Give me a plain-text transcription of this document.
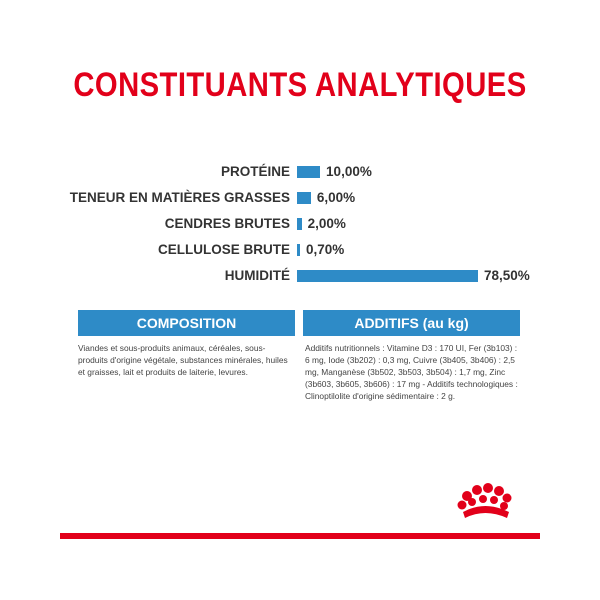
CONSTITUANTS ANALYTIQUES
PROTÉINE	10,00%
TENEUR EN MATIÈRES GRASSES 6,00%
CENDRES BRUTES 2,00%
CELLULOSE BRUTE 0,70%
HUMIDITÉ	78,50%
COMPOSITION	ADDITIFS (au kg)
Viandes et sous-produits animaux, céréales, sous-produits d'origine végétale, substances minérales, huiles et graisses, lait et produits de laiterie, levures.
Additifs nutritionnels : Vitamine D3 : 170 UI, Fer (3b103) : 6 mg, Iode (3b202) : 0,3 mg, Cuivre (3b405, 3b406) : 2,5 mg, Manganèse (3b502, 3b503, 3b504) : 1,7 mg, Zinc (3b603, 3b605, 3b606) : 17 mg - Additifs technologiques : Clinoptilolite d'origine sédimentaire : 2 g.
